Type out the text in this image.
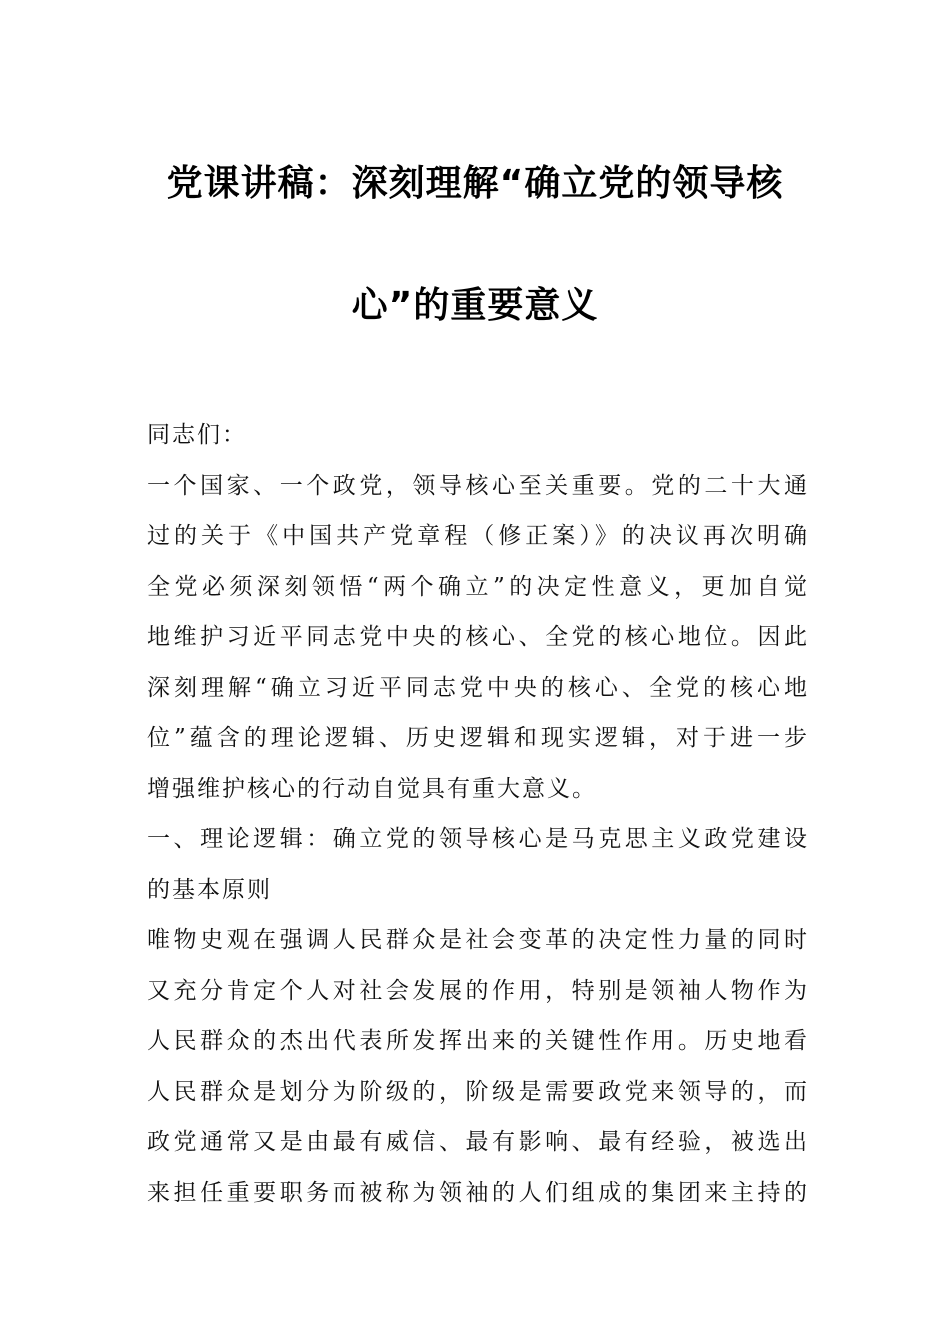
党课讲稿：深刻理解“确立党的领导核
心”的重要意义
同志们：
一个国家、一个政党，领导核心至关重要。党的二十大通
过的关于《中国共产党章程（修正案）》的决议再次明确
全党必须深刻领悟“两个确立”的决定性意义，更加自觉
地维护习近平同志党中央的核心、全党的核心地位。因此
深刻理解“确立习近平同志党中央的核心、全党的核心地
位”蕴含的理论逻辑、历史逻辑和现实逻辑，对于进一步
增强维护核心的行动自觉具有重大意义。
一、理论逻辑：确立党的领导核心是马克思主义政党建设
的基本原则
唯物史观在强调人民群众是社会变革的决定性力量的同时
又充分肯定个人对社会发展的作用，特别是领袖人物作为
人民群众的杰出代表所发挥出来的关键性作用。历史地看
人民群众是划分为阶级的，阶级是需要政党来领导的，而
政党通常又是由最有威信、最有影响、最有经验，被选出
来担任重要职务而被称为领袖的人们组成的集团来主持的
